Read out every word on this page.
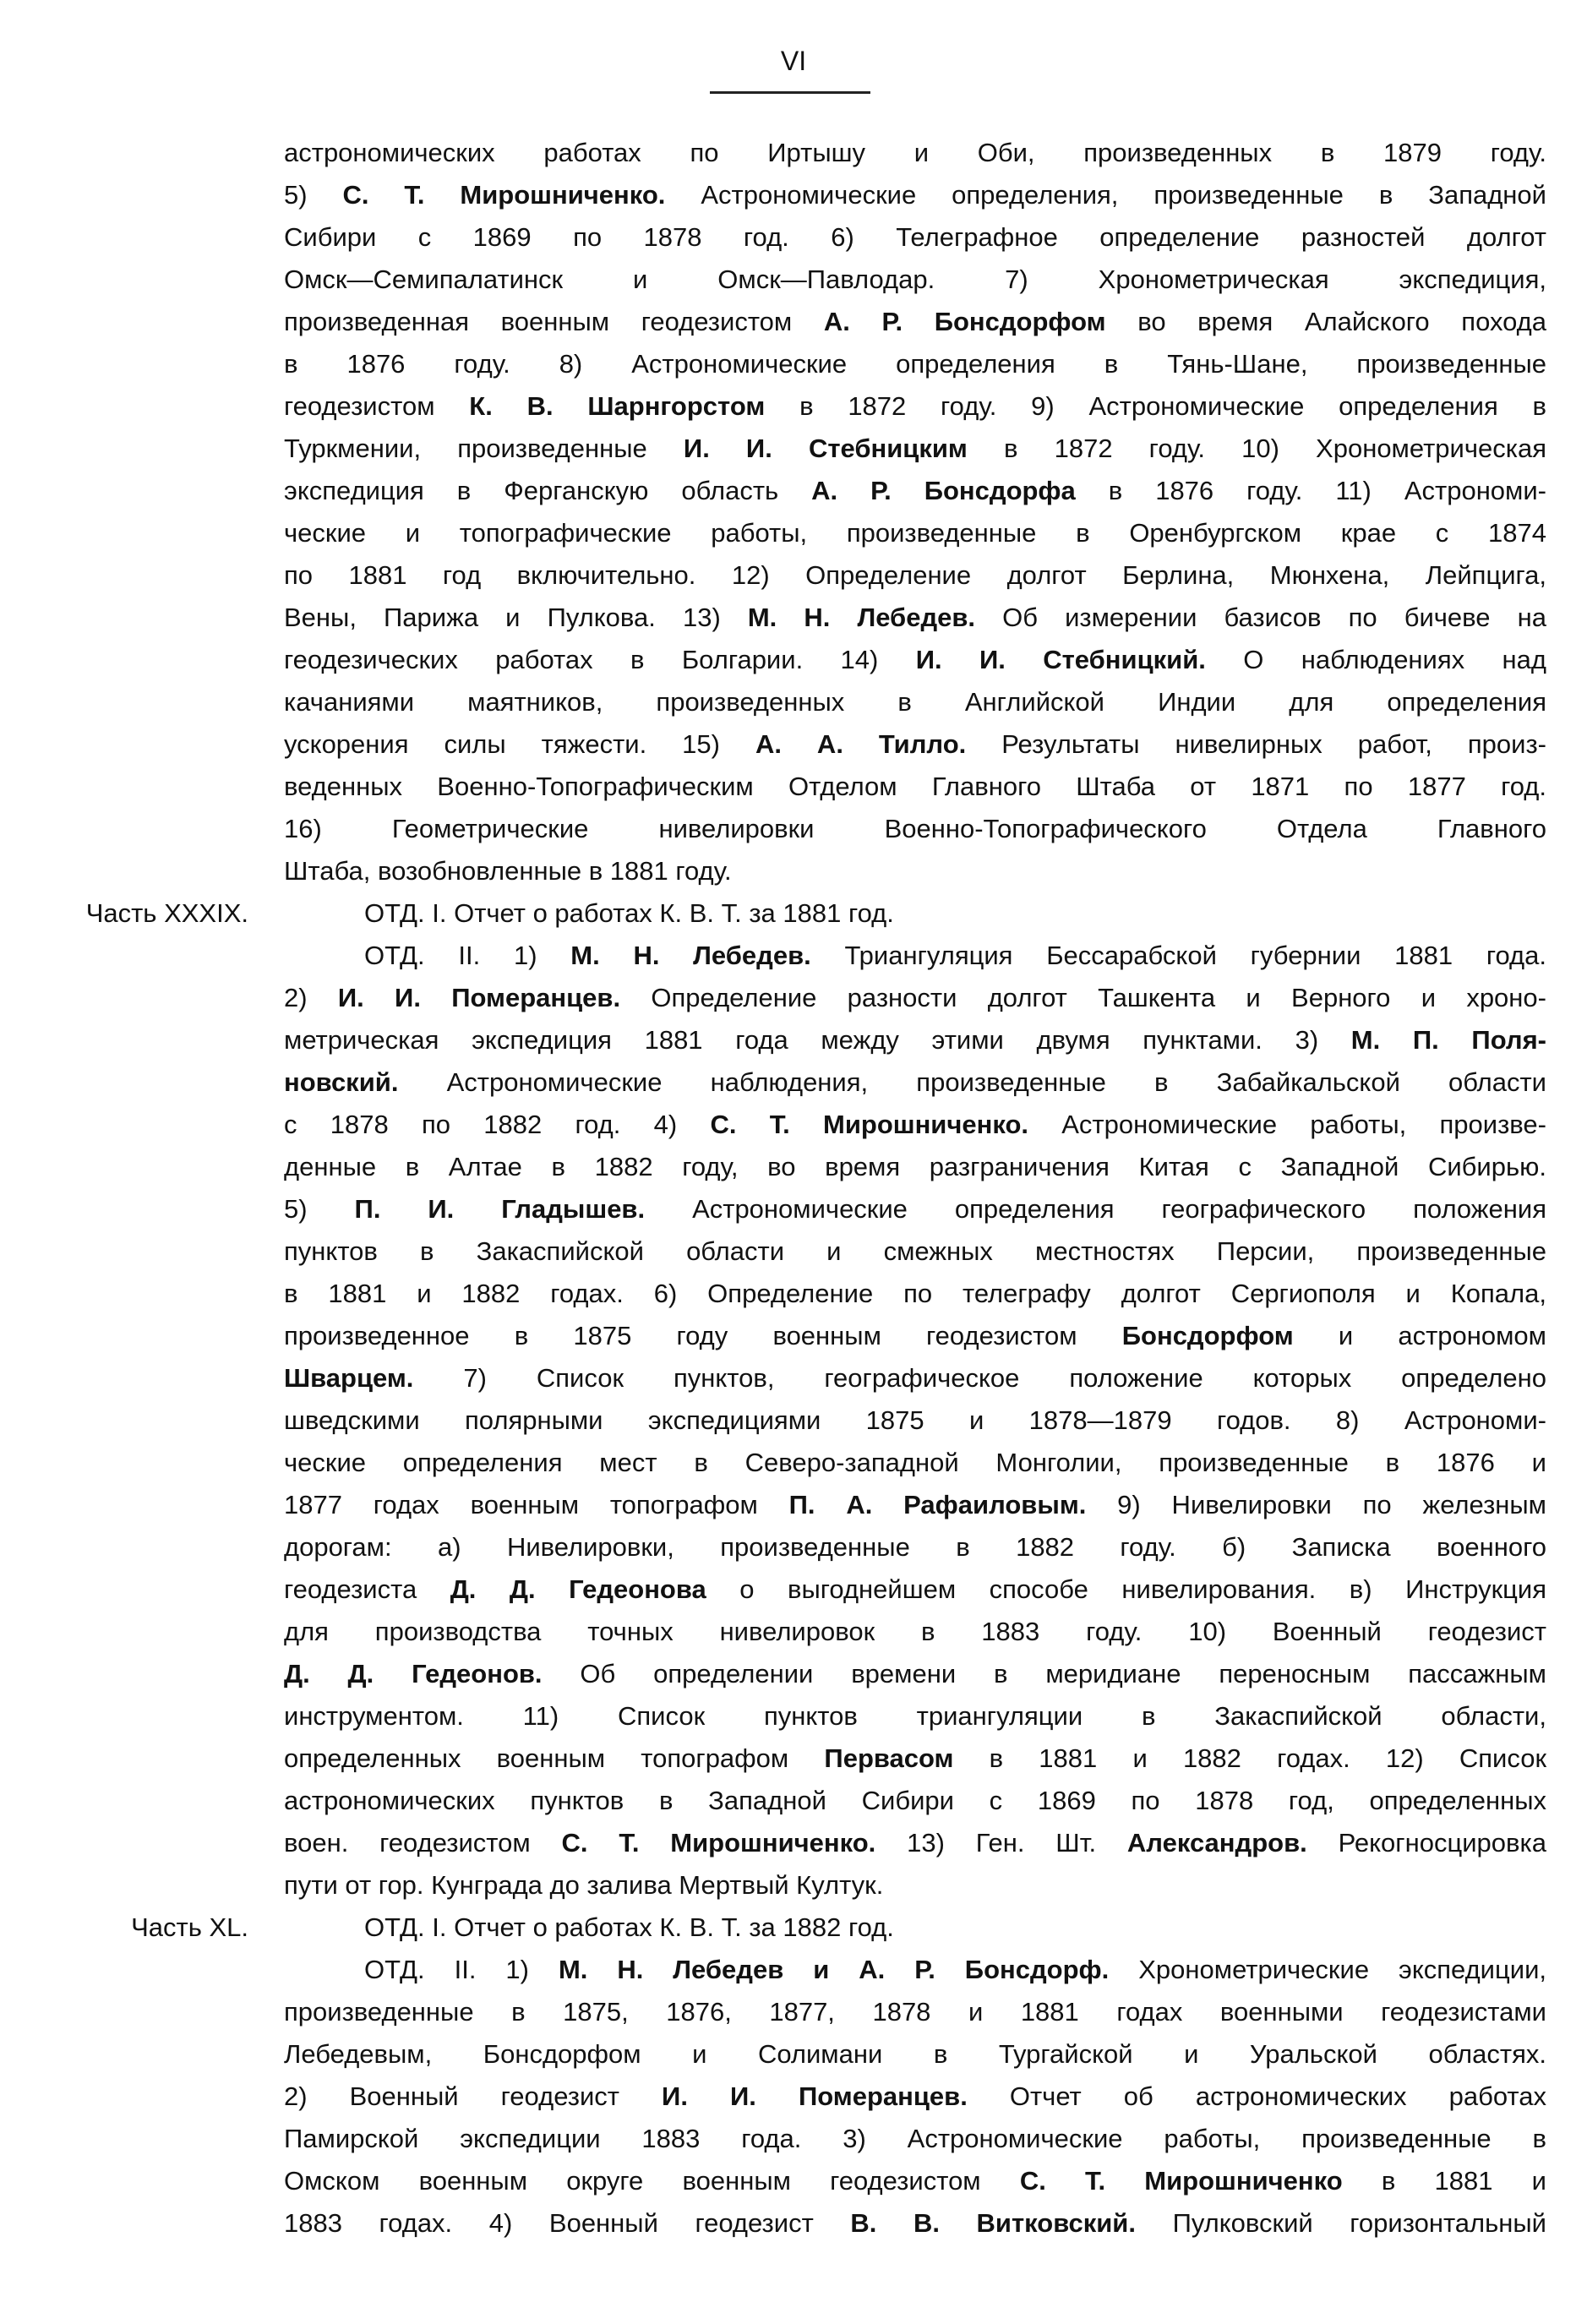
VI
астрономических работах по Иртышу и Оби, произведенных в 1879 году.
5) С. Т. Мирошниченко. Астрономические определения, произведенные в Западной
Сибири с 1869 по 1878 год. 6) Телеграфное определение разностей долгот
Омск—Семипалатинск и Омск—Павлодар. 7) Хронометрическая экспедиция,
произведенная военным геодезистом А. Р. Бонсдорфом во время Алайского похода
в 1876 году. 8) Астрономические определения в Тянь-Шане, произведенные
геодезистом К. В. Шарнгорстом в 1872 году. 9) Астрономические определения в
Туркмении, произведенные И. И. Стебницким в 1872 году. 10) Хронометрическая
экспедиция в Ферганскую область А. Р. Бонсдорфа в 1876 году. 11) Астрономи-
ческие и топографические работы, произведенные в Оренбургском крае с 1874
по 1881 год включительно. 12) Определение долгот Берлина, Мюнхена, Лейпцига,
Вены, Парижа и Пулкова. 13) М. Н. Лебедев. Об измерении базисов по бичеве на
геодезических работах в Болгарии. 14) И. И. Стебницкий. О наблюдениях над
качаниями маятников, произведенных в Английской Индии для определения
ускорения силы тяжести. 15) А. А. Тилло. Результаты нивелирных работ, произ-
веденных Военно-Топографическим Отделом Главного Штаба от 1871 по 1877 год.
16) Геометрические нивелировки Военно-Топографического Отдела Главного
Штаба, возобновленные в 1881 году.
Часть XXXIX.	ОТД. I. Отчет о работах К. В. Т. за 1881 год.
ОТД. II. 1) М. Н. Лебедев. Триангуляция Бессарабской губернии 1881 года.
2) И. И. Померанцев. Определение разности долгот Ташкента и Верного и хроно-
метрическая экспедиция 1881 года между этими двумя пунктами. 3) М. П. Поля-
новский. Астрономические наблюдения, произведенные в Забайкальской области
с 1878 по 1882 год. 4) С. Т. Мирошниченко. Астрономические работы, произве-
денные в Алтае в 1882 году, во время разграничения Китая с Западной Сибирью.
5) П. И. Гладышев. Астрономические определения географического положения
пунктов в Закаспийской области и смежных местностях Персии, произведенные
в 1881 и 1882 годах. 6) Определение по телеграфу долгот Сергиополя и Копала,
произведенное в 1875 году военным геодезистом Бонсдорфом и астрономом
Шварцем. 7) Список пунктов, географическое положение которых определено
шведскими полярными экспедициями 1875 и 1878—1879 годов. 8) Астрономи-
ческие определения мест в Северо-западной Монголии, произведенные в 1876 и
1877 годах военным топографом П. А. Рафаиловым. 9) Нивелировки по железным
дорогам: а) Нивелировки, произведенные в 1882 году. б) Записка военного
геодезиста Д. Д. Гедеонова о выгоднейшем способе нивелирования. в) Инструкция
для производства точных нивелировок в 1883 году. 10) Военный геодезист
Д. Д. Гедеонов. Об определении времени в меридиане переносным пассажным
инструментом. 11) Список пунктов триангуляции в Закаспийской области,
определенных военным топографом Первасом в 1881 и 1882 годах. 12) Список
астрономических пунктов в Западной Сибири с 1869 по 1878 год, определенных
воен. геодезистом С. Т. Мирошниченко. 13) Ген. Шт. Александров. Рекогносцировка
пути от гор. Кунграда до залива Мертвый Култук.
Часть XL.	ОТД. I. Отчет о работах К. В. Т. за 1882 год.
ОТД. II. 1) М. Н. Лебедев и А. Р. Бонсдорф. Хронометрические экспедиции,
произведенные в 1875, 1876, 1877, 1878 и 1881 годах военными геодезистами
Лебедевым, Бонсдорфом и Солимани в Тургайской и Уральской областях.
2) Военный геодезист И. И. Померанцев. Отчет об астрономических работах
Памирской экспедиции 1883 года. 3) Астрономические работы, произведенные в
Омском военным округе военным геодезистом С. Т. Мирошниченко в 1881 и
1883 годах. 4) Военный геодезист В. В. Витковский. Пулковский горизонтальный
